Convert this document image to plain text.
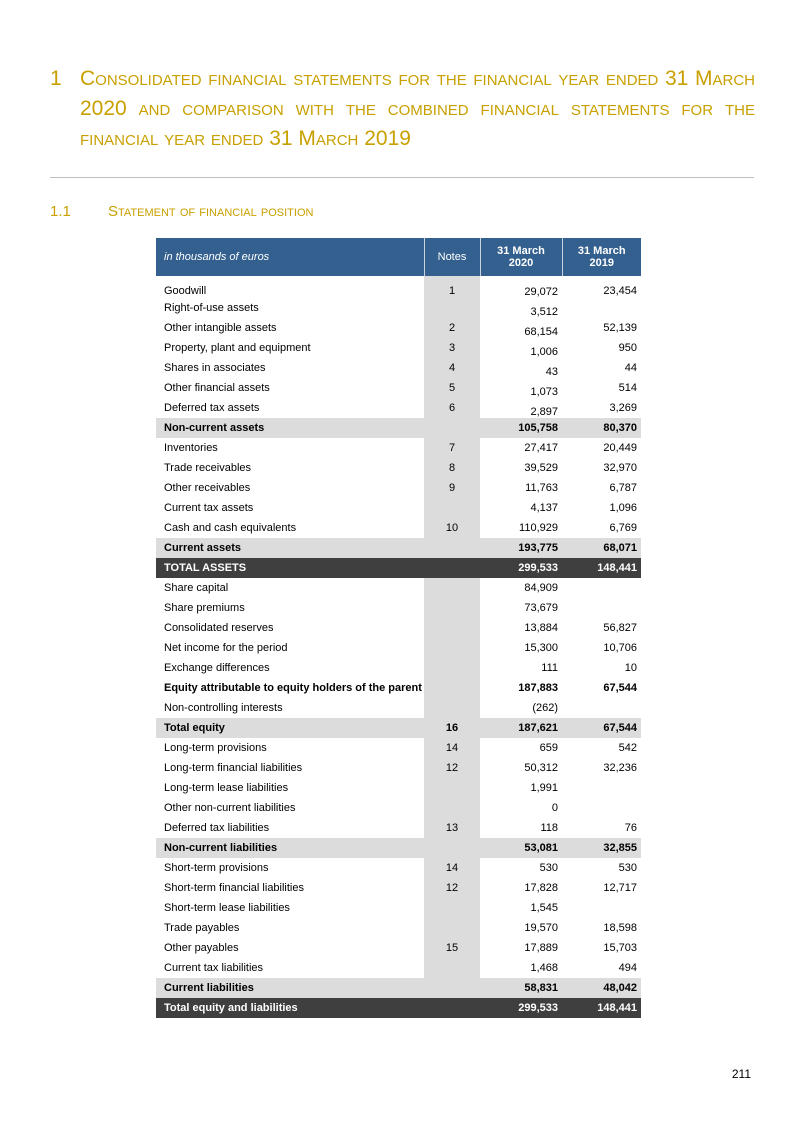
1 Consolidated financial statements for the financial year ended 31 March 2020 and comparison with the combined financial statements for the financial year ended 31 March 2019
1.1 Statement of financial position
in thousands of euros	Notes	31 March 2020	31 March 2019
Goodwill	1	29,072	23,454
Right-of-use assets		3,512	
Other intangible assets	2	68,154	52,139
Property, plant and equipment	3	1,006	950
Shares in associates	4	43	44
Other financial assets	5	1,073	514
Deferred tax assets	6	2,897	3,269
Non-current assets		105,758	80,370
Inventories	7	27,417	20,449
Trade receivables	8	39,529	32,970
Other receivables	9	11,763	6,787
Current tax assets		4,137	1,096
Cash and cash equivalents	10	110,929	6,769
Current assets		193,775	68,071
TOTAL ASSETS		299,533	148,441
Share capital		84,909	
Share premiums		73,679	
Consolidated reserves		13,884	56,827
Net income for the period		15,300	10,706
Exchange differences		111	10
Equity attributable to equity holders of the parent		187,883	67,544
Non-controlling interests		(262)	
Total equity	16	187,621	67,544
Long-term provisions	14	659	542
Long-term financial liabilities	12	50,312	32,236
Long-term lease liabilities		1,991	
Other non-current liabilities		0	
Deferred tax liabilities	13	118	76
Non-current liabilities		53,081	32,855
Short-term provisions	14	530	530
Short-term financial liabilities	12	17,828	12,717
Short-term lease liabilities		1,545	
Trade payables		19,570	18,598
Other payables	15	17,889	15,703
Current tax liabilities		1,468	494
Current liabilities		58,831	48,042
Total equity and liabilities		299,533	148,441
211
